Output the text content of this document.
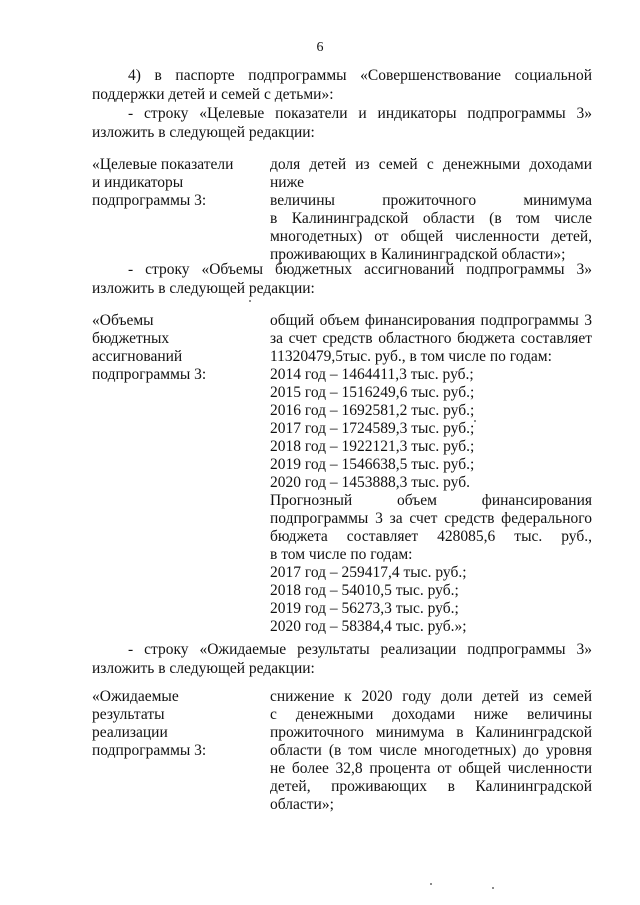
6
4) в паспорте подпрограммы «Совершенствование социальной
поддержки детей и семей с детьми»:
- строку «Целевые показатели и индикаторы подпрограммы 3»
изложить в следующей редакции:
«Целевые показатели
и индикаторы
подпрограммы 3:
доля детей из семей с денежными доходами ниже
величины прожиточного минимума
в Калининградской области (в том числе
многодетных) от общей численности детей,
проживающих в Калининградской области»;
- строку «Объемы бюджетных ассигнований подпрограммы 3»
изложить в следующей редакции:
«Объемы
бюджетных
ассигнований
подпрограммы 3:
общий объем финансирования подпрограммы 3
за счет средств областного бюджета составляет
11320479,5тыс. руб., в том числе по годам:
2014 год – 1464411,3 тыс. руб.;
2015 год – 1516249,6 тыс. руб.;
2016 год – 1692581,2 тыс. руб.;
2017 год – 1724589,3 тыс. руб.;
2018 год – 1922121,3 тыс. руб.;
2019 год – 1546638,5 тыс. руб.;
2020 год – 1453888,3 тыс. руб.
Прогнозный объем финансирования
подпрограммы 3 за счет средств федерального
бюджета составляет 428085,6 тыс. руб.,
в том числе по годам:
2017 год – 259417,4 тыс. руб.;
2018 год – 54010,5 тыс. руб.;
2019 год – 56273,3 тыс. руб.;
2020 год – 58384,4 тыс. руб.»;
- строку «Ожидаемые результаты реализации подпрограммы 3»
изложить в следующей редакции:
«Ожидаемые
результаты
реализации
подпрограммы 3:
снижение к 2020 году доли детей из семей
с денежными доходами ниже величины
прожиточного минимума в Калининградской
области (в том числе многодетных) до уровня
не более 32,8 процента от общей численности
детей, проживающих в Калининградской
области»;
